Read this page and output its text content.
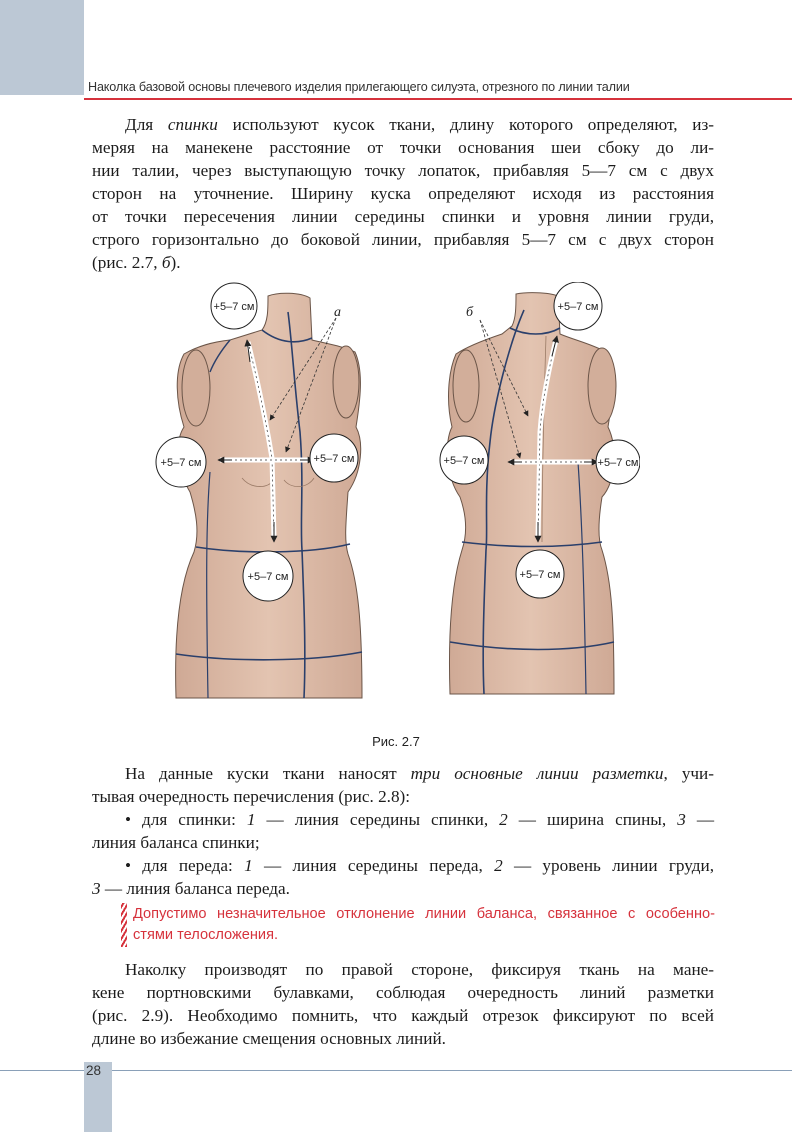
Наколка базовой основы плечевого изделия прилегающего силуэта, отрезного по линии талии
Для спинки используют кусок ткани, длину которого определяют, из-
меряя на манекене расстояние от точки основания шеи сбоку до ли-
нии талии, через выступающую точку лопаток, прибавляя 5—7 см с двух
сторон на уточнение. Ширину куска определяют исходя из расстояния
от точки пересечения линии середины спинки и уровня линии груди,
строго горизонтально до боковой линии, прибавляя 5—7 см с двух сторон
(рис. 2.7, б).
а
+5–7 см
+5–7 см	+5–7 см
+5–7 см
б	+5–7 см
+5–7 см	+5–7 см
+5–7 см
Рис. 2.7
На данные куски ткани наносят три основные линии разметки, учи-
тывая очередность перечисления (рис. 2.8):
• для спинки: 1 — линия середины спинки, 2 — ширина спины, 3 —
линия баланса спинки;
• для переда: 1 — линия середины переда, 2 — уровень линии груди,
3 — линия баланса переда.
Допустимо незначительное отклонение линии баланса, связанное с особенно-
стями телосложения.
Наколку производят по правой стороне, фиксируя ткань на мане-
кене портновскими булавками, соблюдая очередность линий разметки
(рис. 2.9). Необходимо помнить, что каждый отрезок фиксируют по всей
длине во избежание смещения основных линий.
28
